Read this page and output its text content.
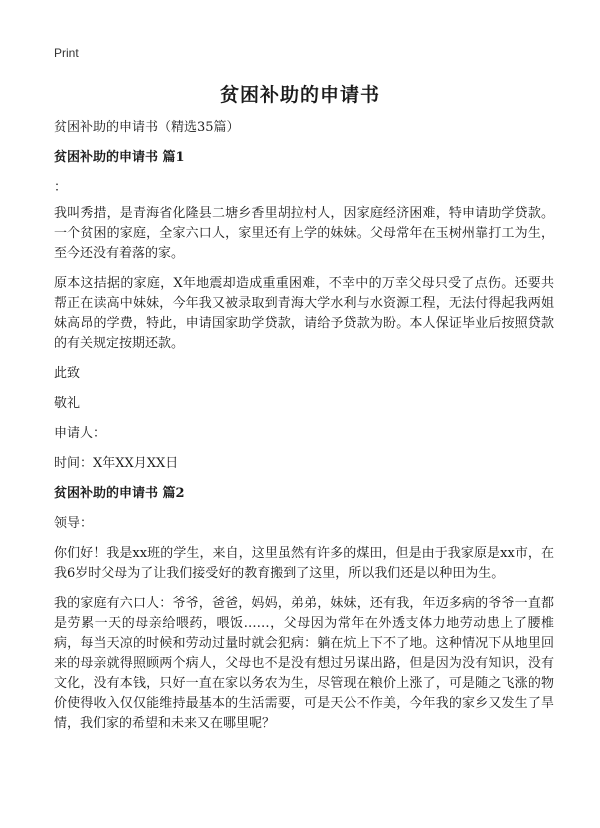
Print
贫困补助的申请书

贫困补助的申请书（精选35篇）

贫困补助的申请书 篇1

：

我叫秀措，是青海省化隆县二塘乡香里胡拉村人，因家庭经济困难，特申请助学贷款。一个贫困的家庭，全家六口人，家里还有上学的妹妹。父母常年在玉树州靠打工为生，至今还没有着落的家。

原本这拮据的家庭，X年地震却造成重重困难，不幸中的万幸父母只受了点伤。还要共帮正在读高中妹妹，今年我又被录取到青海大学水利与水资源工程，无法付得起我两姐妹高昂的学费，特此，申请国家助学贷款，请给予贷款为盼。本人保证毕业后按照贷款的有关规定按期还款。

此致

敬礼

申请人：

时间：X年XX月XX日

贫困补助的申请书 篇2

领导：

你们好！我是xx班的学生，来自，这里虽然有许多的煤田，但是由于我家原是xx市，在我6岁时父母为了让我们接受好的教育搬到了这里，所以我们还是以种田为生。

我的家庭有六口人：爷爷，爸爸，妈妈，弟弟，妹妹，还有我，年迈多病的爷爷一直都是劳累一天的母亲给喂药，喂饭……，父母因为常年在外透支体力地劳动患上了腰椎病，每当天凉的时候和劳动过量时就会犯病：躺在炕上下不了地。这种情况下从地里回来的母亲就得照顾两个病人，父母也不是没有想过另谋出路，但是因为没有知识，没有文化，没有本钱，只好一直在家以务农为生，尽管现在粮价上涨了，可是随之飞涨的物价使得收入仅仅能维持最基本的生活需要，可是天公不作美，今年我的家乡又发生了旱情，我们家的希望和未来又在哪里呢？
